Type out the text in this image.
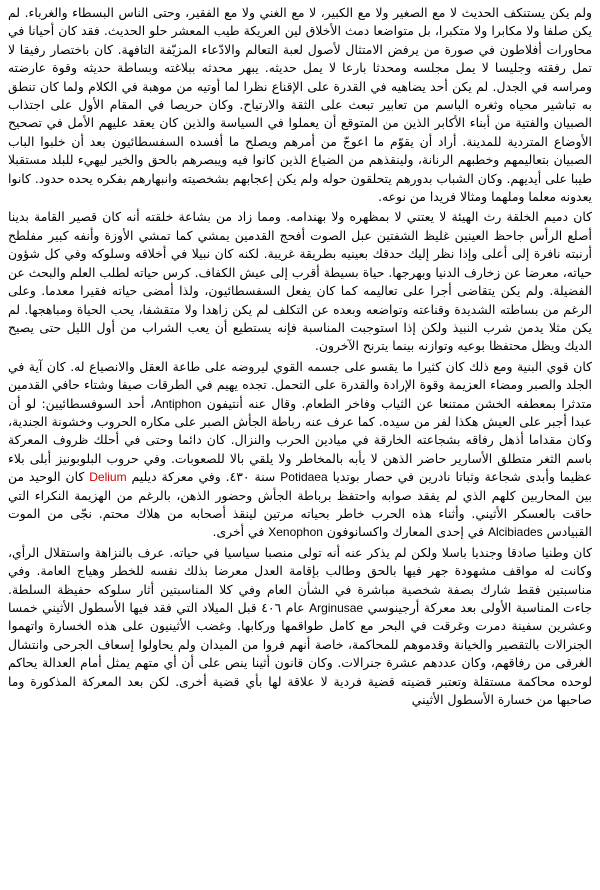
ولم يكن يستنكف الحديث لا مع الصغير ولا مع الكبير، لا مع الغني ولا مع الفقير، وحتى الناس البسطاء والغرباء. لم يكن صلفا ولا مكابرا ولا متكبرا، بل متواضعا دمث الأخلاق لين العريكة طيب المعشر حلو الحديث. فقد كان أحيانا في محاورات أفلاطون في صورة من يرفض الامتثال لأصول لعبة التعالم والادّعاء المزيّفة التافهة. كان باختصار رفيقا لا تمل رفقته وجليسا لا يمل مجلسه ومحدثا بارعا لا يمل حديثه. يبهر محدثه ببلاغته وبساطة حديثه وقوة عارضته ومراسه في الجدل. لم يكن أحد يضاهيه في القدرة على الإقناع نظرا لما أوتيه من موهبة في الكلام ولما كان تنطق به تباشير محياه وثغره الباسم من تعابير تبعث على الثقة والارتياح. وكان حريصا في المقام الأول على اجتذاب الصبيان والفتية من أبناء الأكابر الذين من المتوقع أن يعملوا في السياسة والذين كان يعقد عليهم الأمل في تصحيح الأوضاع المتردية للمدينة. أراد أن يقوّم ما اعوجّ من أمرهم ويصلح ما أفسده السفسطائيون بعد أن خلبوا الباب الصبيان بتعاليمهم وخطبهم الرنانة، ولينقذهم من الضياع الذين كانوا فيه ويبصرهم بالحق والخير ليهيء للبلد مستقبلا طيبا على أيديهم. وكان الشباب بدورهم يتحلقون حوله ولم يكن إعجابهم بشخصيته وانبهارهم بفكره يحده حدود. كانوا يعدونه معلما وملهما ومثالا فريدا من نوعه.

كان دميم الخلقة رث الهيئة لا يعتني لا بمظهره ولا بهندامه. ومما زاد من بشاعة خلقته أنه كان قصير القامة بدينا أصلع الرأس جاحظ العينين غليظ الشفتين عبل الصوت أفحج القدمين يمشي كما تمشي الأوزة وأنفه كبير مفلطح أرنبته نافرة إلى أعلى وإذا نظر إليك حدقك بعينيه بطريقة غريبة. لكنه كان نبيلا في أخلاقه وسلوكه وفي كل شؤون حياته، معرضا عن زخارف الدنيا وبهرجها. حياة بسيطة أقرب إلى عيش الكفاف. كرس حياته لطلب العلم والبحث عن الفضيلة. ولم يكن يتقاضى أجرا على تعاليمه كما كان يفعل السفسطائيون، ولذا أمضى حياته فقيرا معدما. وعلى الرغم من بساطته الشديدة وقناعته وتواضعه وبعده عن التكلف لم يكن زاهدا ولا متقشفا، يحب الحياة ومباهجها. لم يكن مثلا يدمن شرب النبيذ ولكن إذا استوجبت المناسبة فإنه يستطيع أن يعب الشراب من أول الليل حتى يصيح الديك ويظل محتفظا بوعيه وتوازنه بينما يترنح الآخرون.

كان قوي البنية ومع ذلك كان كثيرا ما يقسو على جسمه القوي ليروضه على طاعة العقل والانصياع له. كان آية في الجلد والصبر ومضاء العزيمة وقوة الإرادة والقدرة على التحمل. تجده يهيم في الطرقات صيفا وشتاء حافي القدمين متدثرا بمعطفه الخشن ممتنعا عن الثياب وفاخر الطعام. وقال عنه أنتيفون Antiphon، أحد السوفسطائيين: لو أن عبدا أجبر على العيش هكذا لفر من سيده. كما عرف عنه رباطة الجأش الصبر على مكاره الحروب وخشونة الجندية، وكان مقداما أذهل رفاقه بشجاعته الخارقة في ميادين الحرب والنزال. كان دائما وحتى في أحلك ظروف المعركة باسم الثغر متطلق الأسارير حاضر الذهن لا يأبه بالمخاطر ولا يلقي بالا للصعوبات. وفي حروب البلوبونيز أبلى بلاء عظيما وأبدى شجاعة وثباتا نادرين في حصار بوتديا Potidaea سنة ٤٣٠. وفي معركة ديليم Delium كان الوحيد من بين المحاربين كلهم الذي لم يفقد صوابه واحتفظ برباطة الجأش وحضور الذهن، بالرغم من الهزيمة النكراء التي حاقت بالعسكر الأثيني. وأثناء هذه الحرب خاطر بحياته مرتين لينقذ أصحابه من هلاك محتم. نجّى من الموت القبيادس Alcibiades في إحدى المعارك واكسانوفون Xenophon في أخرى.

كان وطنيا صادقا وجنديا باسلا ولكن لم يذكر عنه أنه تولى منصبا سياسيا في حياته. عرف بالنزاهة واستقلال الرأي، وكانت له مواقف مشهودة جهر فيها بالحق وطالب بإقامة العدل معرضا بذلك نفسه للخطر وهياج العامة. وفي مناسبتين فقط شارك بصفة شخصية مباشرة في الشأن العام وفي كلا المناسبتين أثار سلوكه حفيظة السلطة. جاءت المناسبة الأولى بعد معركة أرجينوسي Arginusae عام ٤٠٦ قبل الميلاد التي فقد فيها الأسطول الأثيني خمسا وعشرين سفينة دمرت وغرقت في البحر مع كامل طواقمها وركابها. وغضب الأثينيون على هذه الخسارة واتهموا الجنرالات بالتقصير والخيانة وقدموهم للمحاكمة، خاصة أنهم فروا من الميدان ولم يحاولوا إسعاف الجرحى وانتشال الغرقى من رفاقهم، وكان عددهم عشرة جنرالات. وكان قانون أثينا ينص على أن أي متهم يمثل أمام العدالة يحاكم لوحده محاكمة مستقلة وتعتبر قضيته قضية فردية لا علاقة لها بأي قضية أخرى. لكن بعد المعركة المذكورة وما صاحبها من خسارة الأسطول الأثيني
